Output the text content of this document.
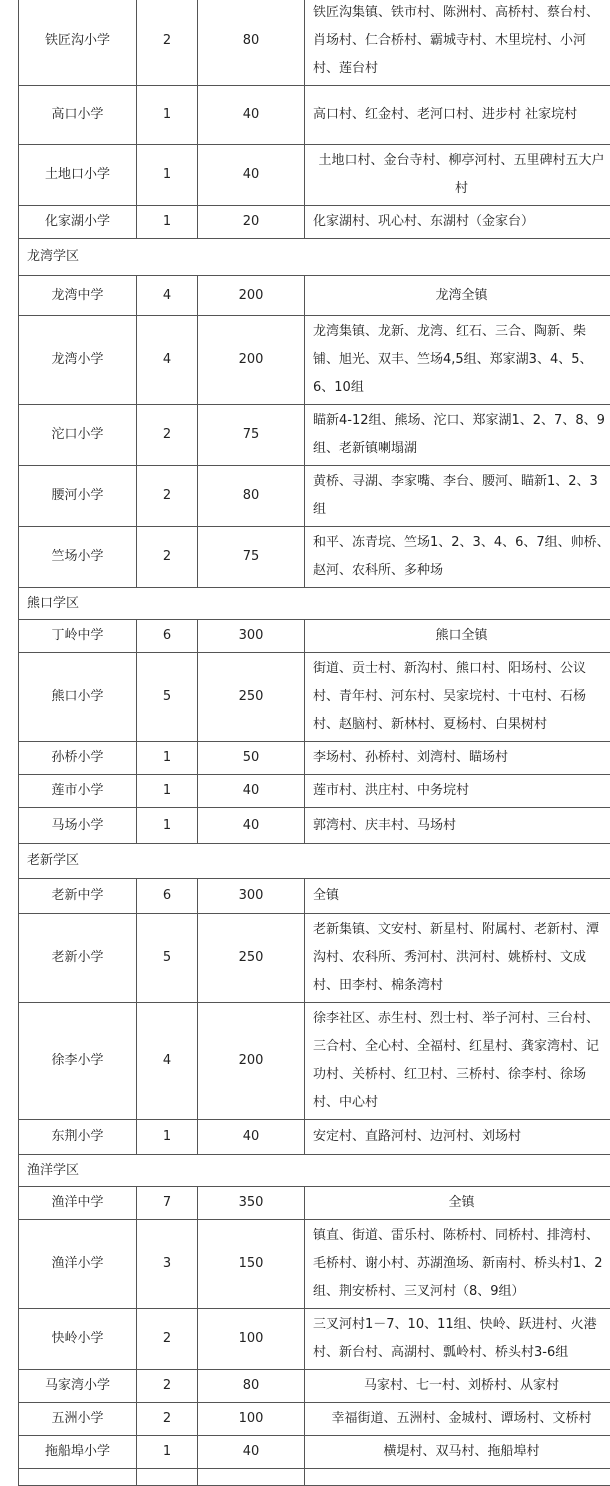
铁匠沟小学	2	80	铁匠沟集镇、铁市村、陈洲村、高桥村、蔡台村、肖场村、仁合桥村、霸城寺村、木里垸村、小河村、莲台村
高口小学	1	40	高口村、红金村、老河口村、进步村 社家垸村
土地口小学	1	40	土地口村、金台寺村、柳亭河村、五里碑村五大户村
化家湖小学	1	20	化家湖村、巩心村、东湖村（金家台）
龙湾学区			
龙湾中学	4	200	龙湾全镇
龙湾小学	4	200	龙湾集镇、龙新、龙湾、红石、三合、陶新、柴铺、旭光、双丰、竺场4,5组、郑家湖3、4、5、6、10组
沱口小学	2	75	瞄新4-12组、熊场、沱口、郑家湖1、2、7、8、9组、老新镇喇塌湖
腰河小学	2	80	黄桥、寻湖、李家嘴、李台、腰河、瞄新1、2、3组
竺场小学	2	75	和平、冻青垸、竺场1、2、3、4、6、7组、帅桥、赵河、农科所、多种场
熊口学区			
丁岭中学	6	300	熊口全镇
熊口小学	5	250	街道、贡士村、新沟村、熊口村、阳场村、公议村、青年村、河东村、吴家垸村、十屯村、石杨村、赵脑村、新林村、夏杨村、白果树村
孙桥小学	1	50	李场村、孙桥村、刘湾村、瞄场村
莲市小学	1	40	莲市村、洪庄村、中务垸村
马场小学	1	40	郭湾村、庆丰村、马场村
老新学区			
老新中学	6	300	全镇
老新小学	5	250	老新集镇、文安村、新星村、附属村、老新村、潭沟村、农科所、秀河村、洪河村、姚桥村、文成村、田李村、棉条湾村
徐李小学	4	200	徐李社区、赤生村、烈士村、举子河村、三台村、三合村、全心村、全福村、红星村、龚家湾村、记功村、关桥村、红卫村、三桥村、徐李村、徐场村、中心村
东荆小学	1	40	安定村、直路河村、边河村、刘场村
渔洋学区			
渔洋中学	7	350	全镇
渔洋小学	3	150	镇直、街道、雷乐村、陈桥村、同桥村、排湾村、毛桥村、谢小村、苏湖渔场、新南村、桥头村1、2组、荆安桥村、三叉河村（8、9组）
快岭小学	2	100	三叉河村1－7、10、11组、快岭、跃进村、火港村、新台村、高湖村、瓢岭村、桥头村3-6组
马家湾小学	2	80	马家村、七一村、刘桥村、从家村
五洲小学	2	100	幸福街道、五洲村、金城村、谭场村、文桥村
拖船埠小学	1	40	横堤村、双马村、拖船埠村
